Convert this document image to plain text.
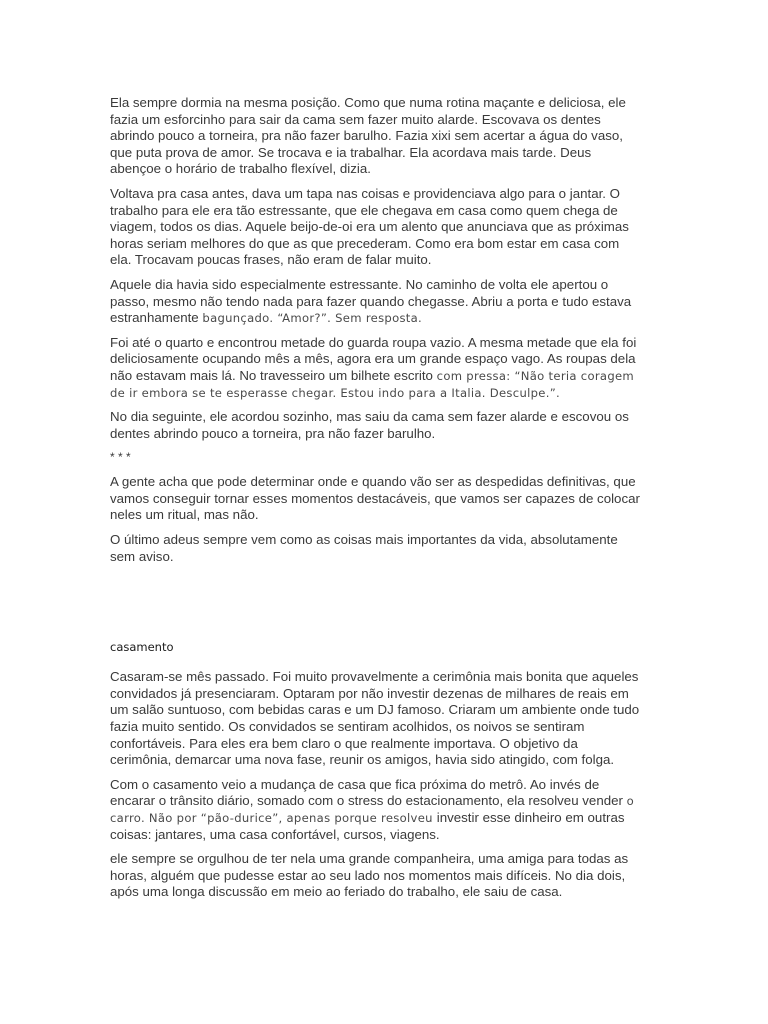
Ela sempre dormia na mesma posição. Como que numa rotina maçante e deliciosa, ele fazia um esforcinho para sair da cama sem fazer muito alarde. Escovava os dentes abrindo pouco a torneira, pra não fazer barulho. Fazia xixi sem acertar a água do vaso, que puta prova de amor. Se trocava e ia trabalhar. Ela acordava mais tarde. Deus abençoe o horário de trabalho flexível, dizia.

Voltava pra casa antes, dava um tapa nas coisas e providenciava algo para o jantar. O trabalho para ele era tão estressante, que ele chegava em casa como quem chega de viagem, todos os dias. Aquele beijo-de-oi era um alento que anunciava que as próximas horas seriam melhores do que as que precederam. Como era bom estar em casa com ela. Trocavam poucas frases, não eram de falar muito.

Aquele dia havia sido especialmente estressante. No caminho de volta ele apertou o passo, mesmo não tendo nada para fazer quando chegasse. Abriu a porta e tudo estava estranhamente bagunçado. “Amor?”. Sem resposta.

Foi até o quarto e encontrou metade do guarda roupa vazio. A mesma metade que ela foi deliciosamente ocupando mês a mês, agora era um grande espaço vago. As roupas dela não estavam mais lá. No travesseiro um bilhete escrito com pressa: “Não teria coragem de ir embora se te esperasse chegar. Estou indo para a Italia. Desculpe.”.

No dia seguinte, ele acordou sozinho, mas saiu da cama sem fazer alarde e escovou os dentes abrindo pouco a torneira, pra não fazer barulho.

* * *

A gente acha que pode determinar onde e quando vão ser as despedidas definitivas, que vamos conseguir tornar esses momentos destacáveis, que vamos ser capazes de colocar neles um ritual, mas não.

O último adeus sempre vem como as coisas mais importantes da vida, absolutamente sem aviso.

casamento

Casaram-se mês passado. Foi muito provavelmente a cerimônia mais bonita que aqueles convidados já presenciaram. Optaram por não investir dezenas de milhares de reais em um salão suntuoso, com bebidas caras e um DJ famoso. Criaram um ambiente onde tudo fazia muito sentido. Os convidados se sentiram acolhidos, os noivos se sentiram confortáveis. Para eles era bem claro o que realmente importava. O objetivo da cerimônia, demarcar uma nova fase, reunir os amigos, havia sido atingido, com folga.

Com o casamento veio a mudança de casa que fica próxima do metrô. Ao invés de encarar o trânsito diário, somado com o stress do estacionamento, ela resolveu vender o carro. Não por “pão-durice”, apenas porque resolveu investir esse dinheiro em outras coisas: jantares, uma casa confortável, cursos, viagens.

ele sempre se orgulhou de ter nela uma grande companheira, uma amiga para todas as horas, alguém que pudesse estar ao seu lado nos momentos mais difíceis. No dia dois, após uma longa discussão em meio ao feriado do trabalho, ele saiu de casa.
